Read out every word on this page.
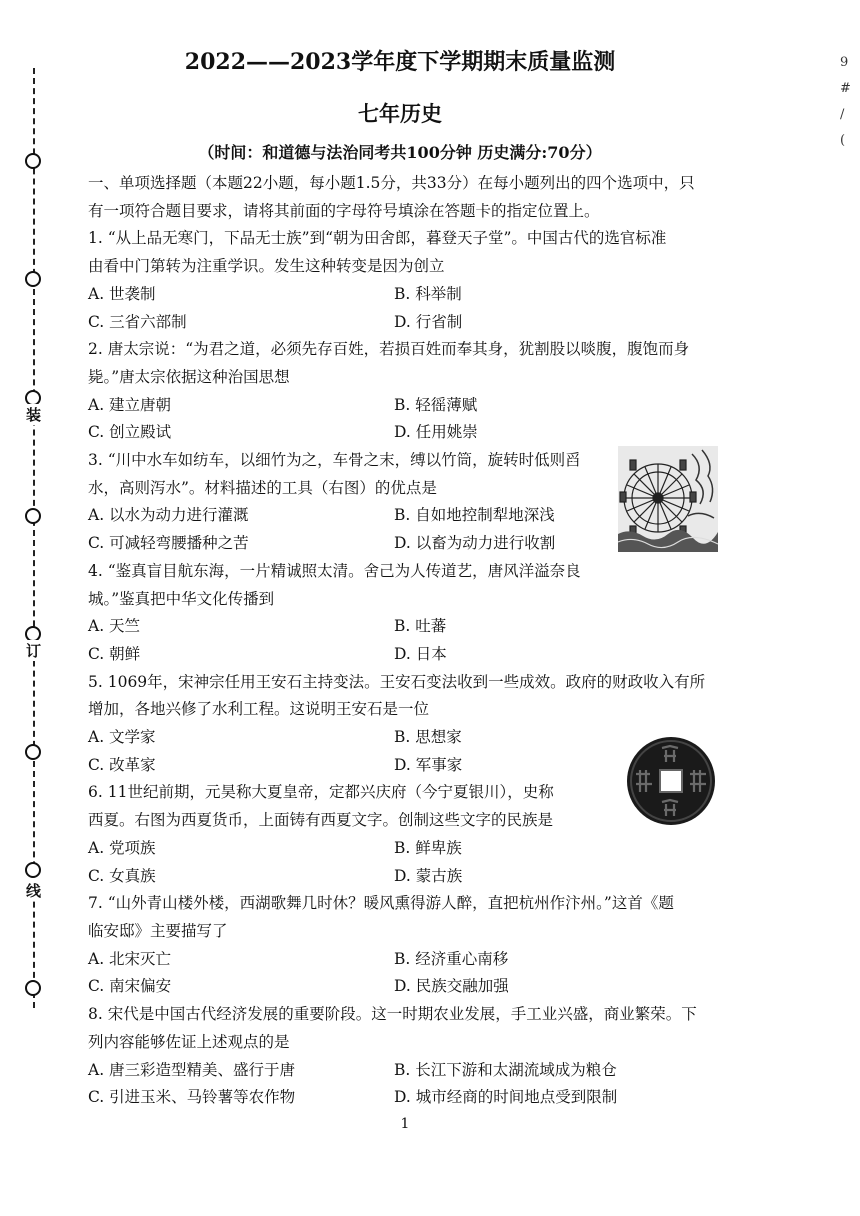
装
订
线
9
#
/
(
2022——2023学年度下学期期末质量监测
七年历史
（时间：和道德与法治同考共100分钟 历史满分:70分）
一、单项选择题（本题22小题，每小题1.5分，共33分）在每小题列出的四个选项中，只
有一项符合题目要求，请将其前面的字母符号填涂在答题卡的指定位置上。
1. “从上品无寒门，下品无士族”到“朝为田舍郎，暮登天子堂”。中国古代的选官标准
由看中门第转为注重学识。发生这种转变是因为创立
A. 世袭制	B. 科举制
C. 三省六部制	D. 行省制
2. 唐太宗说：“为君之道，必须先存百姓，若损百姓而奉其身，犹割股以啖腹，腹饱而身
毙。”唐太宗依据这种治国思想
A. 建立唐朝	B. 轻徭薄赋
C. 创立殿试	D. 任用姚崇
3. “川中水车如纺车，以细竹为之，车骨之末，缚以竹筒，旋转时低则舀
水，高则泻水”。材料描述的工具（右图）的优点是
A. 以水为动力进行灌溉	B. 自如地控制犁地深浅
C. 可减轻弯腰播种之苦	D. 以畜为动力进行收割
4. “鉴真盲目航东海，一片精诚照太清。舍己为人传道艺，唐风洋溢奈良
城。”鉴真把中华文化传播到
A. 天竺	B. 吐蕃
C. 朝鲜	D. 日本
5. 1069年，宋神宗任用王安石主持变法。王安石变法收到一些成效。政府的财政收入有所
增加，各地兴修了水利工程。这说明王安石是一位
A. 文学家	B. 思想家
C. 改革家	D. 军事家
6. 11世纪前期，元昊称大夏皇帝，定都兴庆府（今宁夏银川），史称
西夏。右图为西夏货币，上面铸有西夏文字。创制这些文字的民族是
A. 党项族	B. 鲜卑族
C. 女真族	D. 蒙古族
7. “山外青山楼外楼，西湖歌舞几时休？暖风熏得游人醉，直把杭州作汴州。”这首《题
临安邸》主要描写了
A. 北宋灭亡	B. 经济重心南移
C. 南宋偏安	D. 民族交融加强
8. 宋代是中国古代经济发展的重要阶段。这一时期农业发展，手工业兴盛，商业繁荣。下
列内容能够佐证上述观点的是
A. 唐三彩造型精美、盛行于唐	B. 长江下游和太湖流域成为粮仓
C. 引进玉米、马铃薯等农作物	D. 城市经商的时间地点受到限制
1
